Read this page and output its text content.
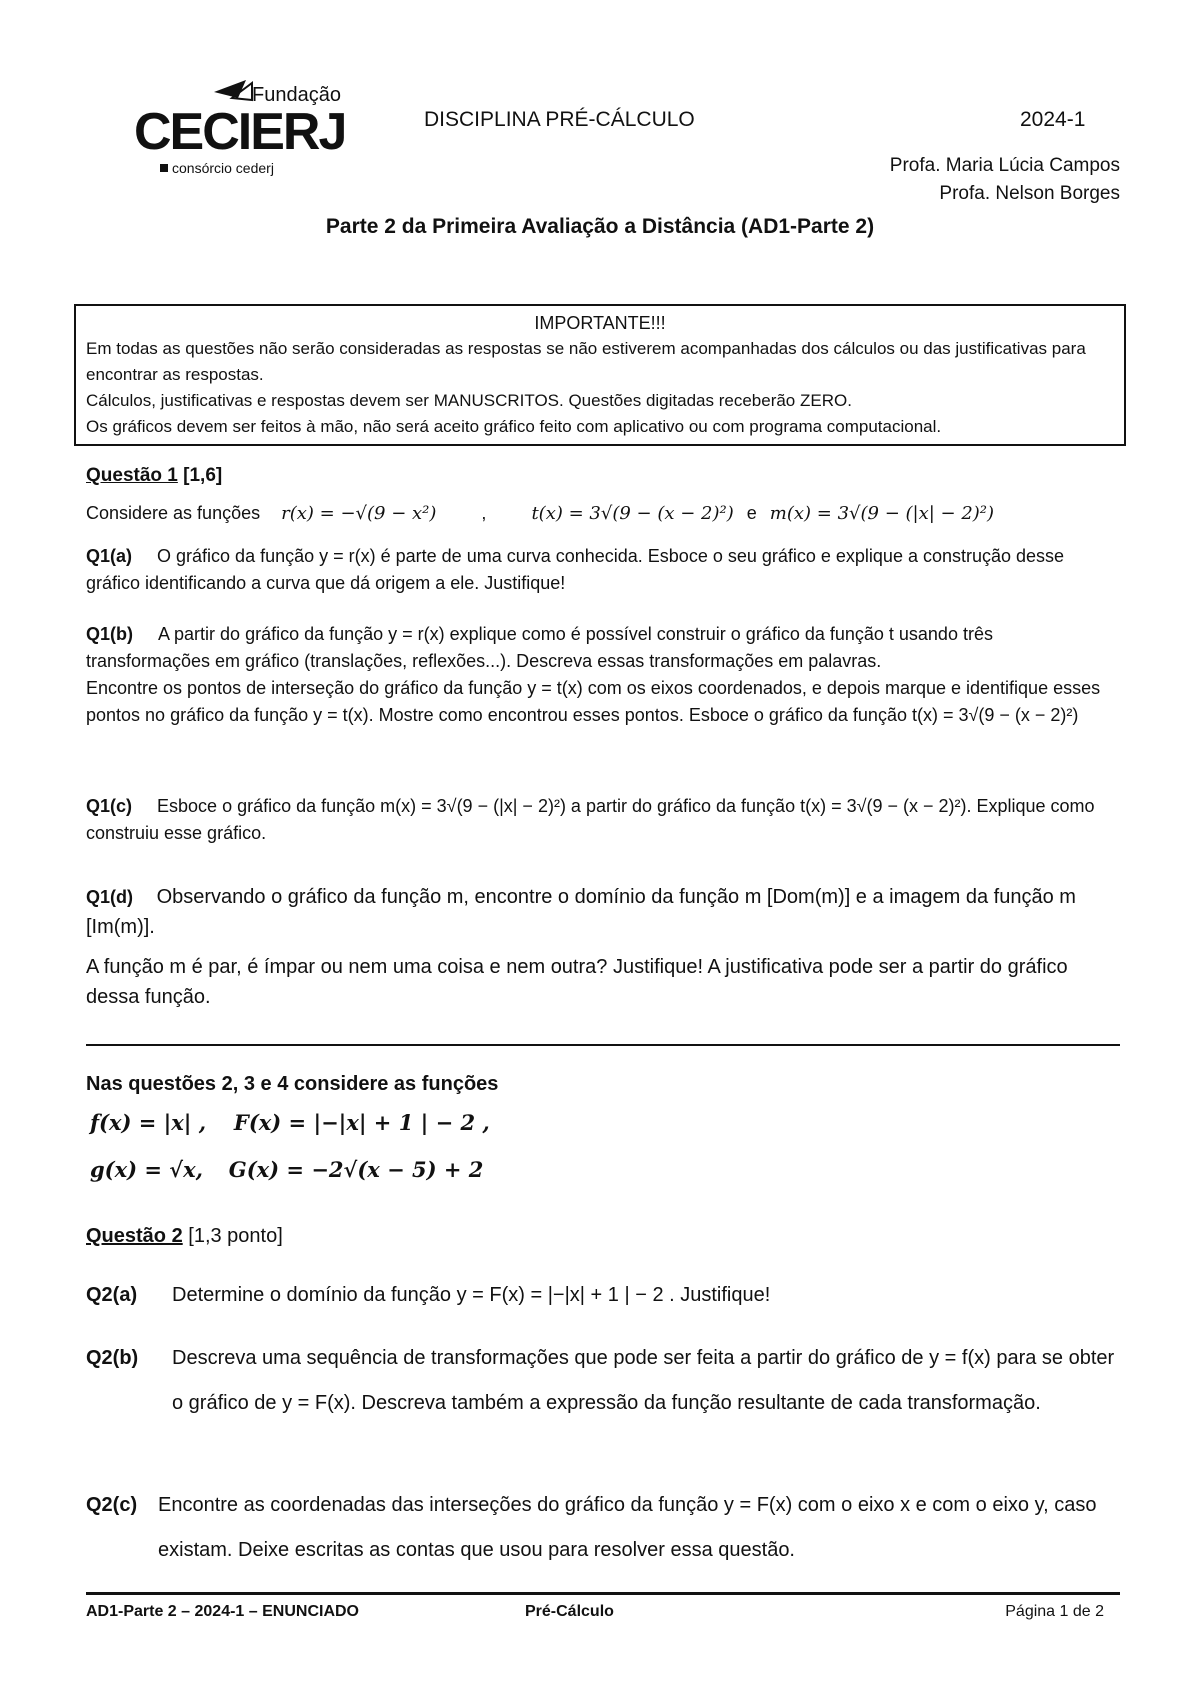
Fundação
CECIERJ
consórcio cederj
DISCIPLINA PRÉ-CÁLCULO	2024-1
Profa. Maria Lúcia Campos
Profa. Nelson Borges
Parte 2 da Primeira Avaliação a Distância (AD1-Parte 2)
IMPORTANTE!!!
Em todas as questões não serão consideradas as respostas se não estiverem acompanhadas dos cálculos ou das justificativas para encontrar as respostas.
Cálculos, justificativas e respostas devem ser MANUSCRITOS. Questões digitadas receberão ZERO.
Os gráficos devem ser feitos à mão, não será aceito gráfico feito com aplicativo ou com programa computacional.
Questão 1 [1,6]
Considere as funções r(x) = −√(9 − x²)	,	t(x) = 3√(9 − (x − 2)²) e m(x) = 3√(9 − (|x| − 2)²)
Q1(a) O gráfico da função y = r(x) é parte de uma curva conhecida. Esboce o seu gráfico e explique a construção desse gráfico identificando a curva que dá origem a ele. Justifique!
Q1(b) A partir do gráfico da função y = r(x) explique como é possível construir o gráfico da função t usando três transformações em gráfico (translações, reflexões...). Descreva essas transformações em palavras.
Encontre os pontos de interseção do gráfico da função y = t(x) com os eixos coordenados, e depois marque e identifique esses pontos no gráfico da função y = t(x). Mostre como encontrou esses pontos. Esboce o gráfico da função t(x) = 3√(9 − (x − 2)²)
Q1(c) Esboce o gráfico da função m(x) = 3√(9 − (|x| − 2)²) a partir do gráfico da função t(x) = 3√(9 − (x − 2)²). Explique como construiu esse gráfico.
Q1(d) Observando o gráfico da função m, encontre o domínio da função m [Dom(m)] e a imagem da função m [Im(m)].
A função m é par, é ímpar ou nem uma coisa e nem outra? Justifique! A justificativa pode ser a partir do gráfico dessa função.
Nas questões 2, 3 e 4 considere as funções
f(x) = |x| , F(x) = |−|x| + 1 | − 2 ,
g(x) = √x, G(x) = −2√(x − 5) + 2
Questão 2 [1,3 ponto]
Q2(a) Determine o domínio da função y = F(x) = |−|x| + 1 | − 2 . Justifique!
Q2(b)	Descreva uma sequência de transformações que pode ser feita a partir do gráfico de y = f(x) para se obter o gráfico de y = F(x). Descreva também a expressão da função resultante de cada transformação.
Q2(c)	Encontre as coordenadas das interseções do gráfico da função y = F(x) com o eixo x e com o eixo y, caso existam. Deixe escritas as contas que usou para resolver essa questão.
AD1-Parte 2 – 2024-1 – ENUNCIADO	Pré-Cálculo	Página 1 de 2
